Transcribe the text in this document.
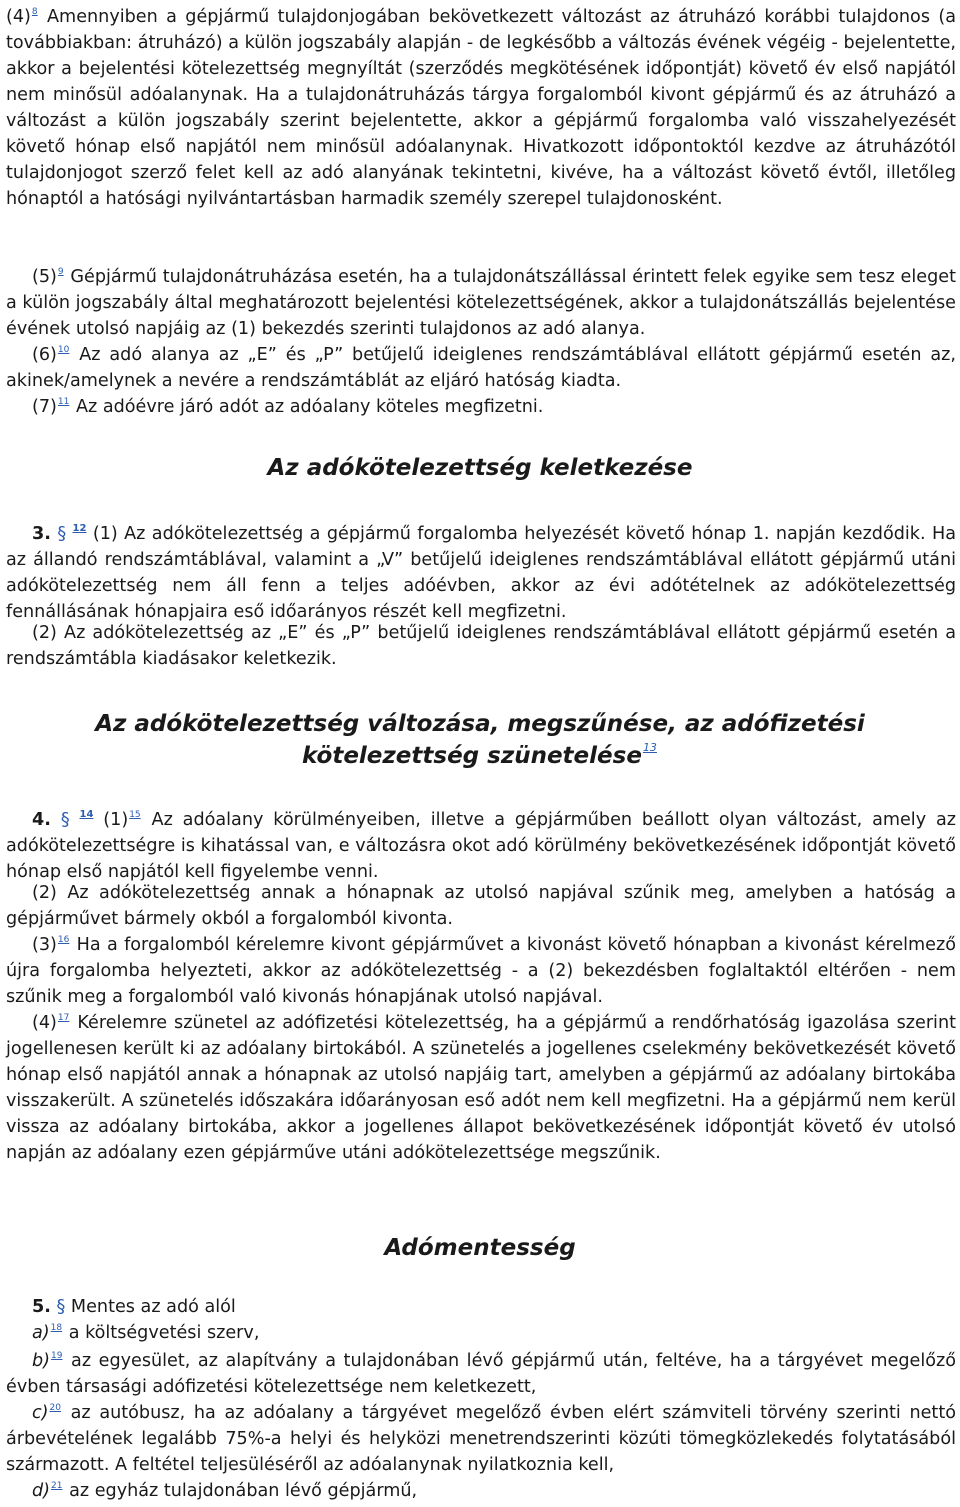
(4)$^8$ Amennyiben a gépjármű tulajdonjogában bekövetkezett változást az átruházó korábbi tulajdonos (a továbbiakban: átruházó) a külön jogszabály alapján - de legkésőbb a változás évének végéig - bejelentette, akkor a bejelentési kötelezettség megnyíltát (szerződés megkötésének időpontját) követő év első napjától nem minősül adóalanynak. Ha a tulajdonátruházás tárgya forgalomból kivont gépjármű és az átruházó a változást a külön jogszabály szerint bejelentette, akkor a gépjármű forgalomba való visszahelyezését követő hónap első napjától nem minősül adóalanynak. Hivatkozott időpontoktól kezdve az átruházótól tulajdonjogot szerző felet kell az adó alanyának tekintetni, kivéve, ha a változást követő évtől, illetőleg hónaptól a hatósági nyilvántartásban harmadik személy szerepel tulajdonosként.
(5)$^9$ Gépjármű tulajdonátruházása esetén, ha a tulajdonátszállással érintett felek egyike sem tesz eleget a külön jogszabály által meghatározott bejelentési kötelezettségének, akkor a tulajdonátszállás bejelentése évének utolsó napjáig az (1) bekezdés szerinti tulajdonos az adó alanya.
(6)$^{10}$ Az adó alanya az „E” és „P” betűjelű ideiglenes rendszámtáblával ellátott gépjármű esetén az, akinek/amelynek a nevére a rendszámtáblát az eljáró hatóság kiadta.
(7)$^{11}$ Az adóévre járó adót az adóalany köteles megfizetni.
Az adókötelezettség keletkezése
3. § $^{12}$ (1) Az adókötelezettség a gépjármű forgalomba helyezését követő hónap 1. napján kezdődik. Ha az állandó rendszámtáblával, valamint a „V” betűjelű ideiglenes rendszámtáblával ellátott gépjármű utáni adókötelezettség nem áll fenn a teljes adóévben, akkor az évi adótételnek az adókötelezettség fennállásának hónapjaira eső időarányos részét kell megfizetni.
(2) Az adókötelezettség az „E” és „P” betűjelű ideiglenes rendszámtáblával ellátott gépjármű esetén a rendszámtábla kiadásakor keletkezik.
Az adókötelezettség változása, megszűnése, az adófizetési
kötelezettség szünetelése$^{13}$
4. § $^{14}$ (1)$^{15}$ Az adóalany körülményeiben, illetve a gépjárműben beállott olyan változást, amely az adókötelezettségre is kihatással van, e változásra okot adó körülmény bekövetkezésének időpontját követő hónap első napjától kell figyelembe venni.
(2) Az adókötelezettség annak a hónapnak az utolsó napjával szűnik meg, amelyben a hatóság a gépjárművet bármely okból a forgalomból kivonta.
(3)$^{16}$ Ha a forgalomból kérelemre kivont gépjárművet a kivonást követő hónapban a kivonást kérelmező újra forgalomba helyezteti, akkor az adókötelezettség - a (2) bekezdésben foglaltaktól eltérően - nem szűnik meg a forgalomból való kivonás hónapjának utolsó napjával.
(4)$^{17}$ Kérelemre szünetel az adófizetési kötelezettség, ha a gépjármű a rendőrhatóság igazolása szerint jogellenesen került ki az adóalany birtokából. A szünetelés a jogellenes cselekmény bekövetkezését követő hónap első napjától annak a hónapnak az utolsó napjáig tart, amelyben a gépjármű az adóalany birtokába visszakerült. A szünetelés időszakára időarányosan eső adót nem kell megfizetni. Ha a gépjármű nem kerül vissza az adóalany birtokába, akkor a jogellenes állapot bekövetkezésének időpontját követő év utolsó napján az adóalany ezen gépjárműve utáni adókötelezettsége megszűnik.
Adómentesség
5. § Mentes az adó alól
a)$^{18}$ a költségvetési szerv,
b)$^{19}$ az egyesület, az alapítvány a tulajdonában lévő gépjármű után, feltéve, ha a tárgyévet megelőző évben társasági adófizetési kötelezettsége nem keletkezett,
c)$^{20}$ az autóbusz, ha az adóalany a tárgyévet megelőző évben elért számviteli törvény szerinti nettó árbevételének legalább 75%-a helyi és helyközi menetrendszerinti közúti tömegközlekedés folytatásából származott. A feltétel teljesüléséről az adóalanynak nyilatkoznia kell,
d)$^{21}$ az egyház tulajdonában lévő gépjármű,
